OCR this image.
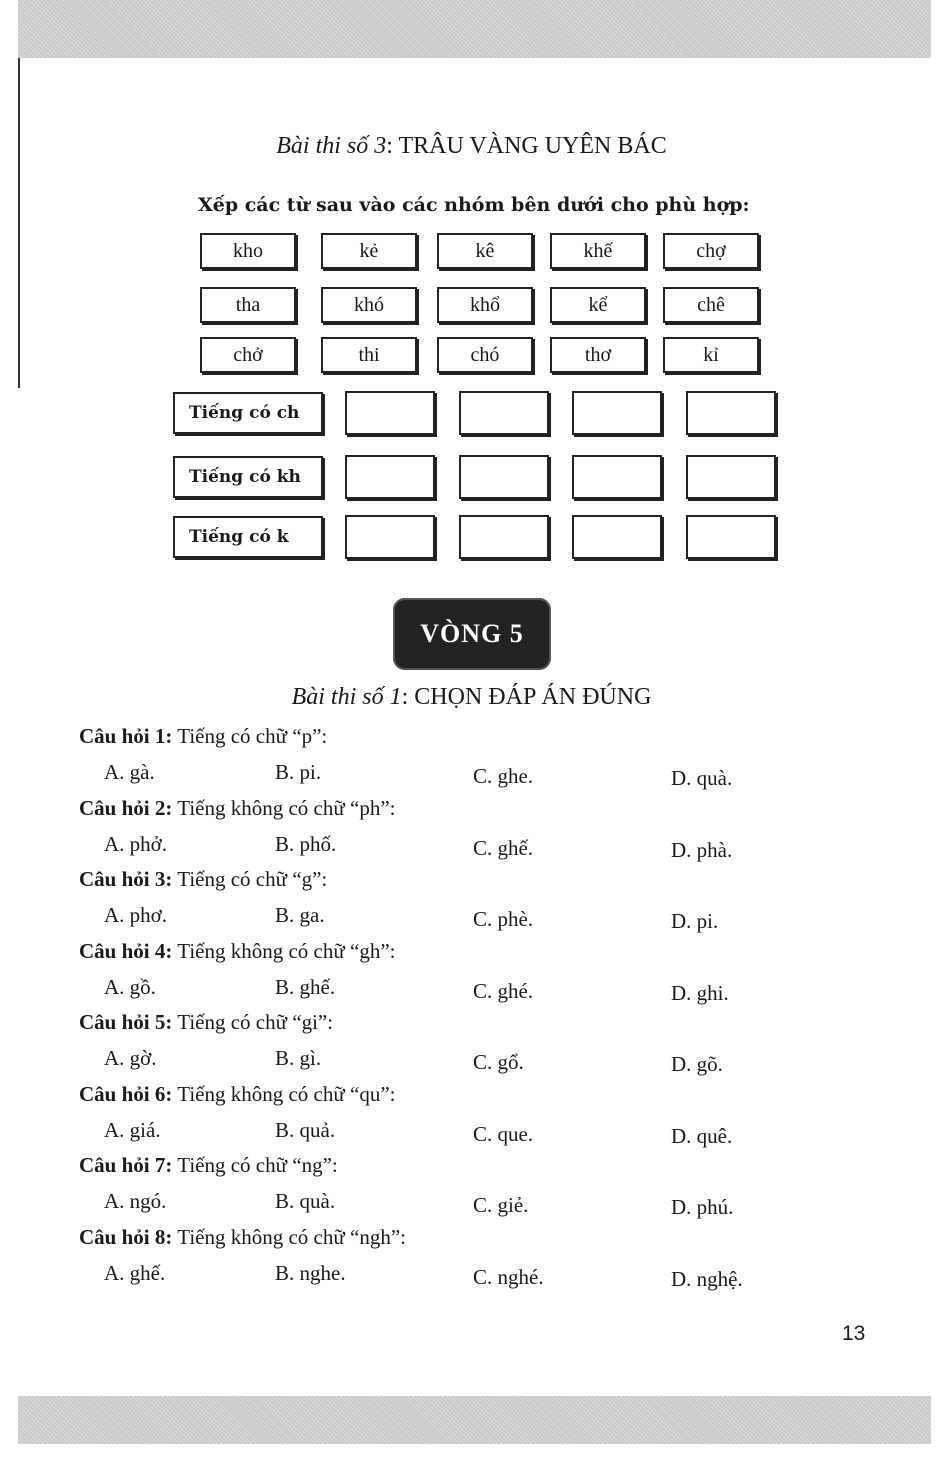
Bài thi số 3: TRÂU VÀNG UYÊN BÁC
Xếp các từ sau vào các nhóm bên dưới cho phù hợp:
kho	kẻ	kê	khế	chợ
tha	khó	khổ	kể	chê
chở	thi	chó	thơ	kỉ
Tiếng có ch
Tiếng có kh
Tiếng có k
VÒNG 5
Bài thi số 1: CHỌN ĐÁP ÁN ĐÚNG
Câu hỏi 1: Tiếng có chữ “p”:
A. gà.	B. pi.	C. ghe.	D. quà.
Câu hỏi 2: Tiếng không có chữ “ph”:
A. phở.	B. phố.	C. ghế.	D. phà.
Câu hỏi 3: Tiếng có chữ “g”:
A. phơ.	B. ga.	C. phè.	D. pi.
Câu hỏi 4: Tiếng không có chữ “gh”:
A. gồ.	B. ghế.	C. ghé.	D. ghi.
Câu hỏi 5: Tiếng có chữ “gi”:
A. gờ.	B. gì.	C. gổ.	D. gõ.
Câu hỏi 6: Tiếng không có chữ “qu”:
A. giá.	B. quả.	C. que.	D. quê.
Câu hỏi 7: Tiếng có chữ “ng”:
A. ngó.	B. quà.	C. giẻ.	D. phú.
Câu hỏi 8: Tiếng không có chữ “ngh”:
A. ghế.	B. nghe.	C. nghé.	D. nghệ.
13
